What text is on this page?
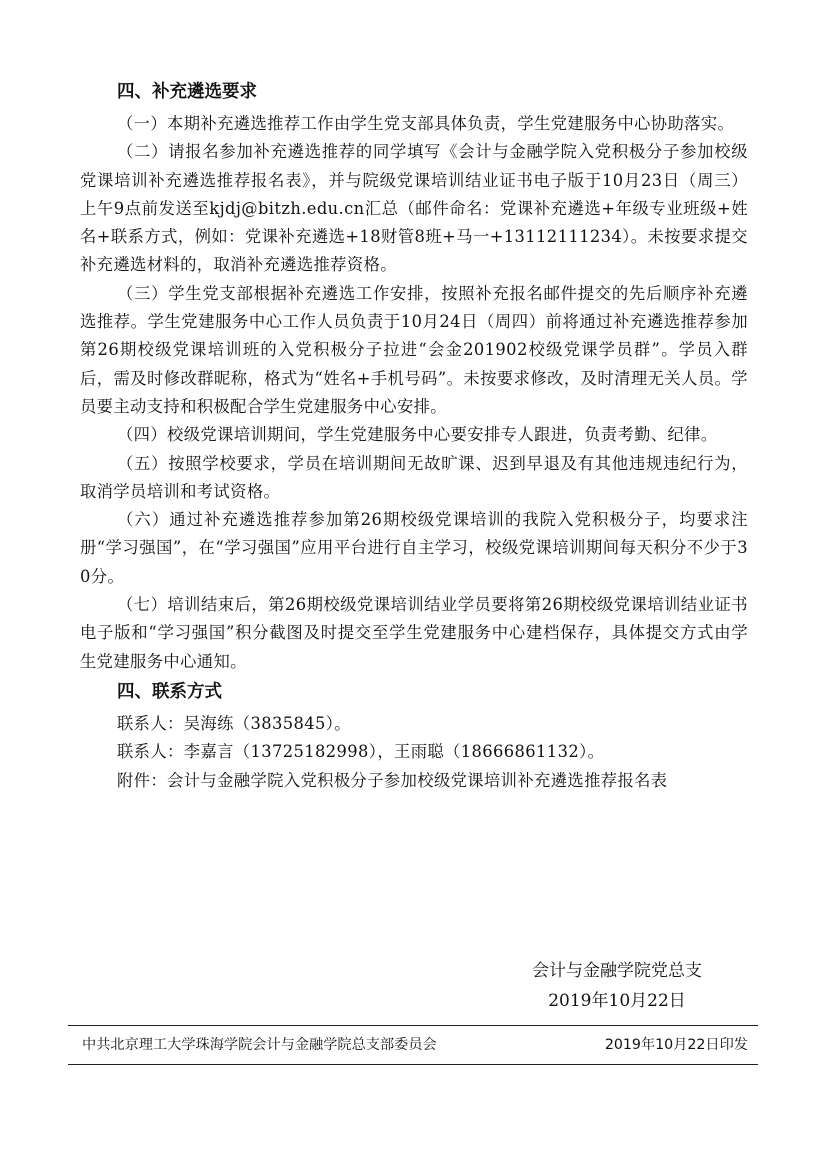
四、补充遴选要求

（一）本期补充遴选推荐工作由学生党支部具体负责，学生党建服务中心协助落实。

（二）请报名参加补充遴选推荐的同学填写《会计与金融学院入党积极分子参加校级党课培训补充遴选推荐报名表》，并与院级党课培训结业证书电子版于10月23日（周三）上午9点前发送至kjdj@bitzh.edu.cn汇总（邮件命名：党课补充遴选+年级专业班级+姓名+联系方式，例如：党课补充遴选+18财管8班+马一+13112111234）。未按要求提交补充遴选材料的，取消补充遴选推荐资格。

（三）学生党支部根据补充遴选工作安排，按照补充报名邮件提交的先后顺序补充遴选推荐。学生党建服务中心工作人员负责于10月24日（周四）前将通过补充遴选推荐参加第26期校级党课培训班的入党积极分子拉进“会金201902校级党课学员群”。学员入群后，需及时修改群昵称，格式为“姓名+手机号码”。未按要求修改，及时清理无关人员。学员要主动支持和积极配合学生党建服务中心安排。

（四）校级党课培训期间，学生党建服务中心要安排专人跟进，负责考勤、纪律。

（五）按照学校要求，学员在培训期间无故旷课、迟到早退及有其他违规违纪行为，取消学员培训和考试资格。

（六）通过补充遴选推荐参加第26期校级党课培训的我院入党积极分子，均要求注册“学习强国”，在“学习强国”应用平台进行自主学习，校级党课培训期间每天积分不少于30分。

（七）培训结束后，第26期校级党课培训结业学员要将第26期校级党课培训结业证书电子版和“学习强国”积分截图及时提交至学生党建服务中心建档保存，具体提交方式由学生党建服务中心通知。

四、联系方式

联系人：吴海练（3835845）。

联系人：李嘉言（13725182998），王雨聪（18666861132）。

附件：会计与金融学院入党积极分子参加校级党课培训补充遴选推荐报名表

会计与金融学院党总支
2019年10月22日
中共北京理工大学珠海学院会计与金融学院总支部委员会	2019年10月22日印发
